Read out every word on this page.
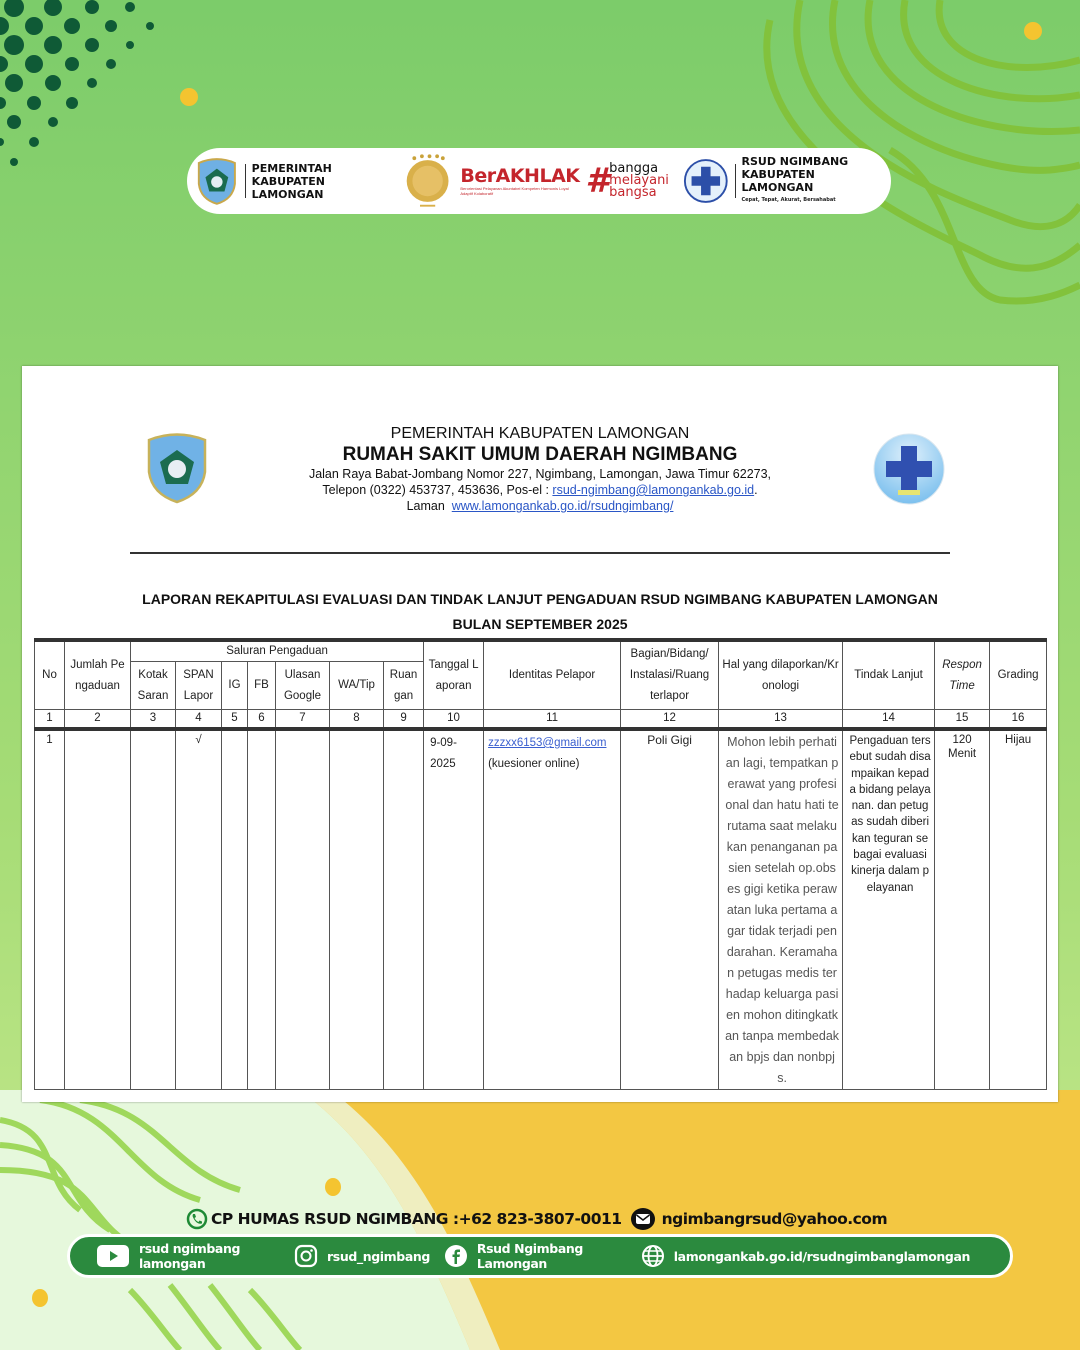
PEMERINTAH
KABUPATEN LAMONGAN
BerAKHLAK
Berorientasi Pelayanan Akuntabel Kompeten Harmonis Loyal Adaptif Kolaboratif	# bangga
melayani
bangsa
RSUD NGIMBANG
KABUPATEN LAMONGAN
Cepat, Tepat, Akurat, Bersahabat
PEMERINTAH KABUPATEN LAMONGAN
RUMAH SAKIT UMUM DAERAH NGIMBANG
Jalan Raya Babat-Jombang Nomor 227, Ngimbang, Lamongan, Jawa Timur 62273,
Telepon (0322) 453737, 453636, Pos-el : rsud-ngimbang@lamongankab.go.id.
Laman www.lamongankab.go.id/rsudngimbang/
LAPORAN REKAPITULASI EVALUASI DAN TINDAK LANJUT PENGADUAN RSUD NGIMBANG KABUPATEN LAMONGAN
BULAN SEPTEMBER 2025
No	Jumlah Pengaduan	Saluran Pengaduan							Tanggal Laporan	Identitas Pelapor	Bagian/Bidang/ Instalasi/Ruang terlapor	Hal yang dilaporkan/Kronologi	Tindak Lanjut	Respon Time	Grading
		Kotak Saran	SPAN Lapor	IG	FB	Ulasan Google	WA/Tip	Ruangan							
1	2	3	4	5	6	7	8	9	10	11	12	13	14	15	16
1			√						9-09-2025	zzzxx6153@gmail.com (kuesioner online)	Poli Gigi	Mohon lebih perhatian lagi, tempatkan perawat yang profesional dan hatu hati terutama saat melakukan penanganan pasien setelah op.obses gigi ketika perawatan luka pertama agar tidak terjadi pendarahan. Keramahan petugas medis terhadap keluarga pasien mohon ditingkatkan tanpa membedakan bpjs dan nonbpjs.	Pengaduan tersebut sudah disampaikan kepada bidang pelayanan. dan petugas sudah diberikan teguran sebagai evaluasi kinerja dalam pelayanan	120 Menit	Hijau
CP HUMAS RSUD NGIMBANG :+62 823-3807-0011	ngimbangrsud@yahoo.com
rsud ngimbang lamongan	rsud_ngimbang	Rsud Ngimbang Lamongan	lamongankab.go.id/rsudngimbanglamongan
